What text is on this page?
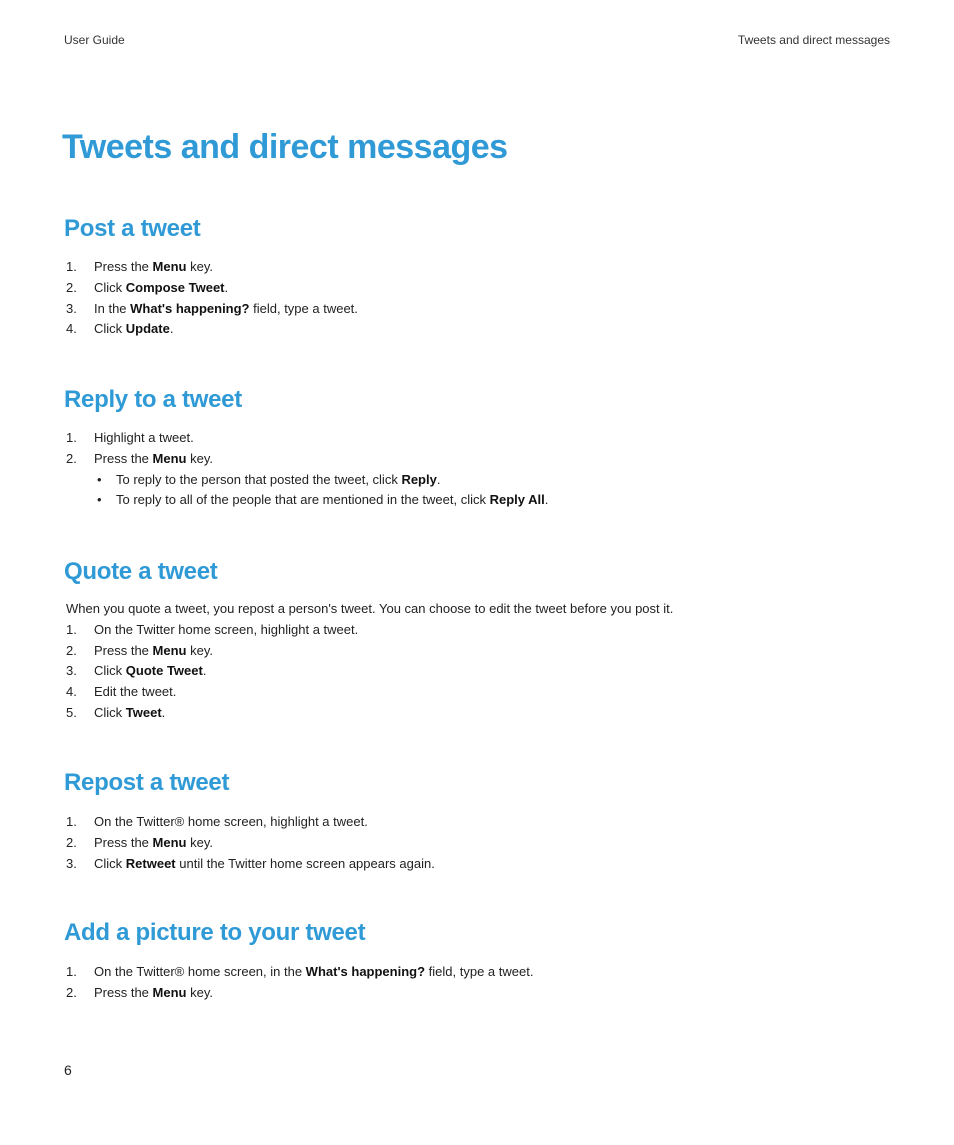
User Guide	Tweets and direct messages
Tweets and direct messages
Post a tweet
1. Press the Menu key.
2. Click Compose Tweet.
3. In the What's happening? field, type a tweet.
4. Click Update.
Reply to a tweet
1. Highlight a tweet.
2. Press the Menu key.
• To reply to the person that posted the tweet, click Reply.
• To reply to all of the people that are mentioned in the tweet, click Reply All.
Quote a tweet
When you quote a tweet, you repost a person's tweet. You can choose to edit the tweet before you post it.
1. On the Twitter home screen, highlight a tweet.
2. Press the Menu key.
3. Click Quote Tweet.
4. Edit the tweet.
5. Click Tweet.
Repost a tweet
1. On the Twitter® home screen, highlight a tweet.
2. Press the Menu key.
3. Click Retweet until the Twitter home screen appears again.
Add a picture to your tweet
1. On the Twitter® home screen, in the What's happening? field, type a tweet.
2. Press the Menu key.
6
